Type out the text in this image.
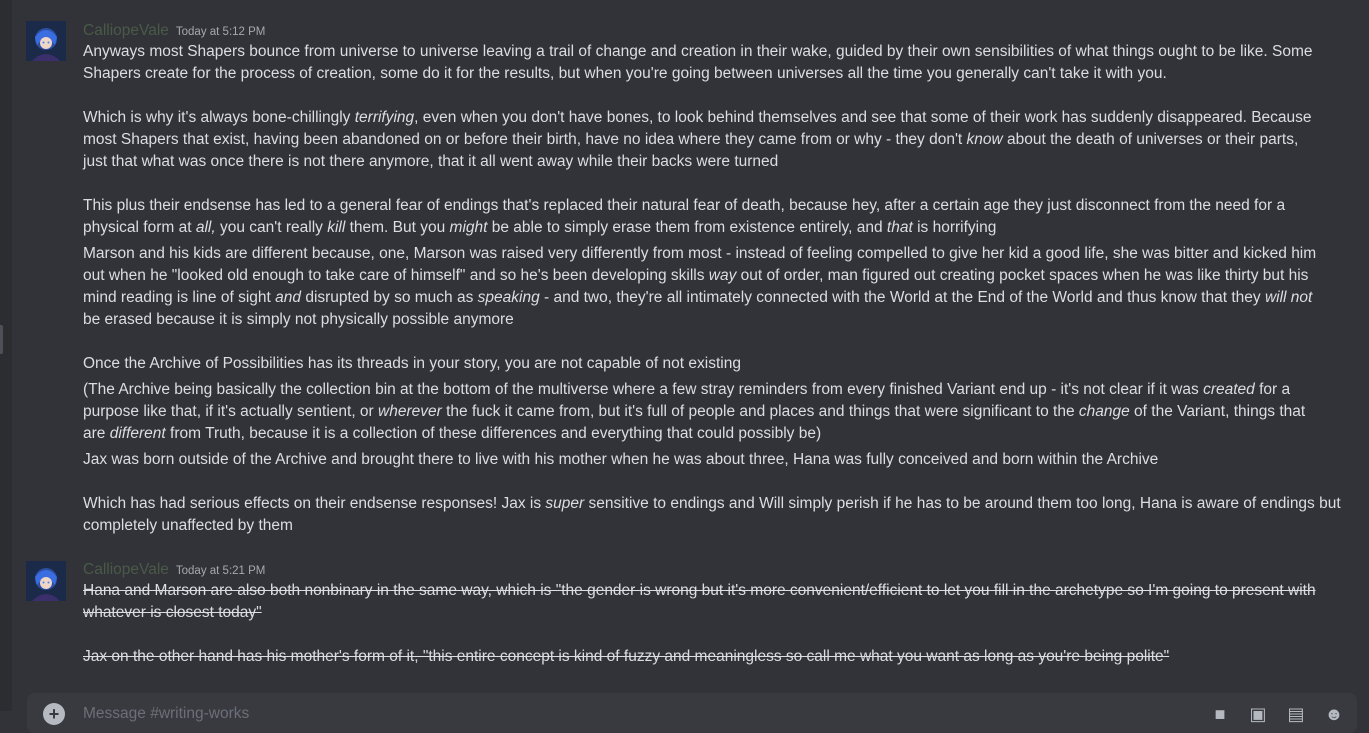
CalliopeVale Today at 5:12 PM
Anyways most Shapers bounce from universe to universe leaving a trail of change and creation in their wake, guided by their own sensibilities of what things ought to be like. Some
Shapers create for the process of creation, some do it for the results, but when you're going between universes all the time you generally can't take it with you.
Which is why it's always bone-chillingly terrifying, even when you don't have bones, to look behind themselves and see that some of their work has suddenly disappeared. Because
most Shapers that exist, having been abandoned on or before their birth, have no idea where they came from or why - they don't know about the death of universes or their parts,
just that what was once there is not there anymore, that it all went away while their backs were turned
This plus their endsense has led to a general fear of endings that's replaced their natural fear of death, because hey, after a certain age they just disconnect from the need for a
physical form at all, you can't really kill them. But you might be able to simply erase them from existence entirely, and that is horrifying
Marson and his kids are different because, one, Marson was raised very differently from most - instead of feeling compelled to give her kid a good life, she was bitter and kicked him
out when he "looked old enough to take care of himself" and so he's been developing skills way out of order, man figured out creating pocket spaces when he was like thirty but his
mind reading is line of sight and disrupted by so much as speaking - and two, they're all intimately connected with the World at the End of the World and thus know that they will not
be erased because it is simply not physically possible anymore
Once the Archive of Possibilities has its threads in your story, you are not capable of not existing
(The Archive being basically the collection bin at the bottom of the multiverse where a few stray reminders from every finished Variant end up - it's not clear if it was created for a
purpose like that, if it's actually sentient, or wherever the fuck it came from, but it's full of people and places and things that were significant to the change of the Variant, things that
are different from Truth, because it is a collection of these differences and everything that could possibly be)
Jax was born outside of the Archive and brought there to live with his mother when he was about three, Hana was fully conceived and born within the Archive
Which has had serious effects on their endsense responses! Jax is super sensitive to endings and Will simply perish if he has to be around them too long, Hana is aware of endings but
completely unaffected by them
CalliopeVale Today at 5:21 PM
Hana and Marson are also both nonbinary in the same way, which is "the gender is wrong but it's more convenient/efficient to let you fill in the archetype so I'm going to present with
whatever is closest today"
Jax on the other hand has his mother's form of it, "this entire concept is kind of fuzzy and meaningless so call me what you want as long as you're being polite"
+	Message #writing-works	■	▣ ▤ ☻
